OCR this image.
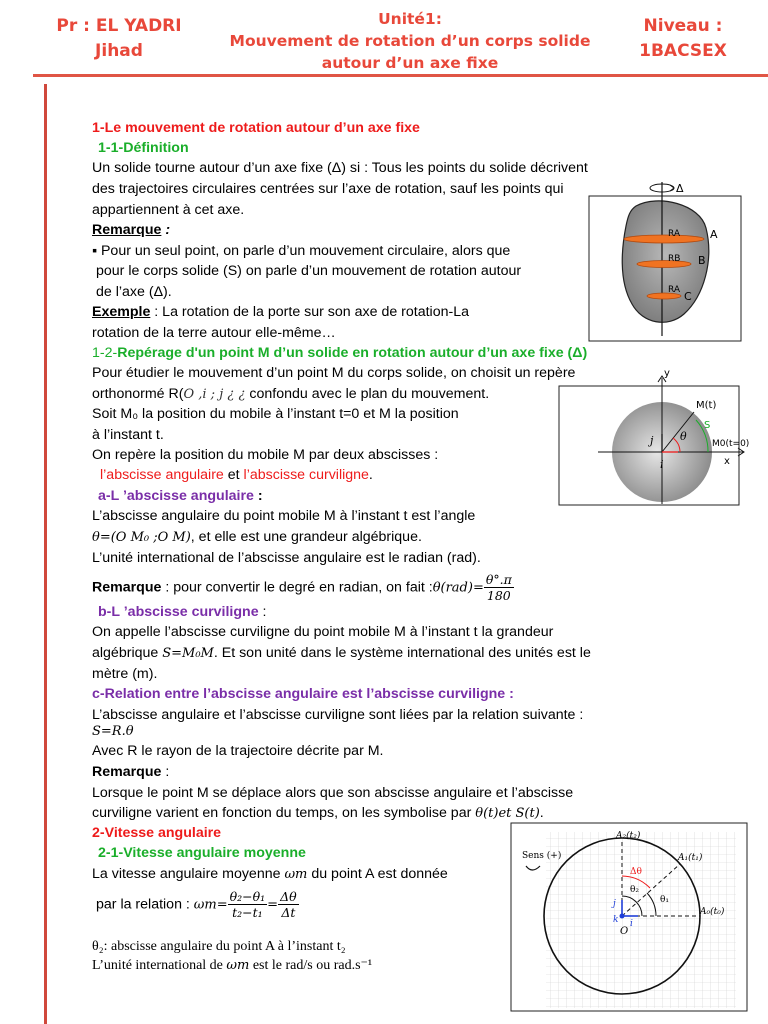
Pr : EL YADRI
Jihad
Unité1:
Mouvement de rotation d’un corps solide
autour d’un axe fixe
Niveau :
1BACSEX
1-Le mouvement de rotation autour d’un axe fixe
1-1-Définition
Un solide tourne autour d’un axe fixe (Δ) si : Tous les points du solide décrivent
des trajectoires circulaires centrées sur l’axe de rotation, sauf les points qui
appartiennent à cet axe.
Remarque :
▪ Pour un seul point, on parle d’un mouvement circulaire, alors que
pour le corps solide (S) on parle d’un mouvement de rotation autour
de l’axe (Δ).
Exemple : La rotation de la porte sur son axe de rotation-La
rotation de la terre autour elle-même…
1-2-Repérage d'un point M d’un solide en rotation autour d’un axe fixe (Δ)
Pour étudier le mouvement d’un point M du corps solide, on choisit un repère
orthonormé R(O ,i ; j ¿ ¿ confondu avec le plan du mouvement.
Soit M₀ la position du mobile à l’instant t=0 et M la position
à l’instant t.
On repère la position du mobile M par deux abscisses :
l’abscisse angulaire et l’abscisse curviligne.
a-L ’abscisse angulaire :
L’abscisse angulaire du point mobile M à l’instant t est l’angle
θ=(O M₀ ;O M), et elle est une grandeur algébrique.
L’unité international de l’abscisse angulaire est le radian (rad).
Remarque : pour convertir le degré en radian, on fait :θ(rad)= $\frac{\theta^\circ.\pi}{180}$
b-L ’abscisse curviligne :
On appelle l’abscisse curviligne du point mobile M à l’instant t la grandeur
algébrique S=M₀M. Et son unité dans le système international des unités est le
mètre (m).
c-Relation entre l’abscisse angulaire est l’abscisse curviligne :
L’abscisse angulaire et l’abscisse curviligne sont liées par la relation suivante :
S=R.θ
Avec R le rayon de la trajectoire décrite par M.
Remarque :
Lorsque le point M se déplace alors que son abscisse angulaire et l’abscisse
curviligne varient en fonction du temps, on les symbolise par θ(t)et S(t).
2-Vitesse angulaire
2-1-Vitesse angulaire moyenne
La vitesse angulaire moyenne ωm du point A est donnée
par la relation : $\omega m= \frac{\text{θ₂−θ₁}}{\text{t₂−t₁}} = \frac{\Delta\theta}{\Delta t}$
θ₂: abscisse angulaire du point A à l’instant t₂
L’unité international de ωm est le rad/s ou rad.s⁻¹
Δ
RA
RB
RA
A
B
C
y
x
M(t)
S
θ
M0(t=0)
j
i
A₂(t₂)
A₁(t₁)
A₀(t₀)
Sens (+)
Δθ
θ₂
θ₁
O
j
i
k
